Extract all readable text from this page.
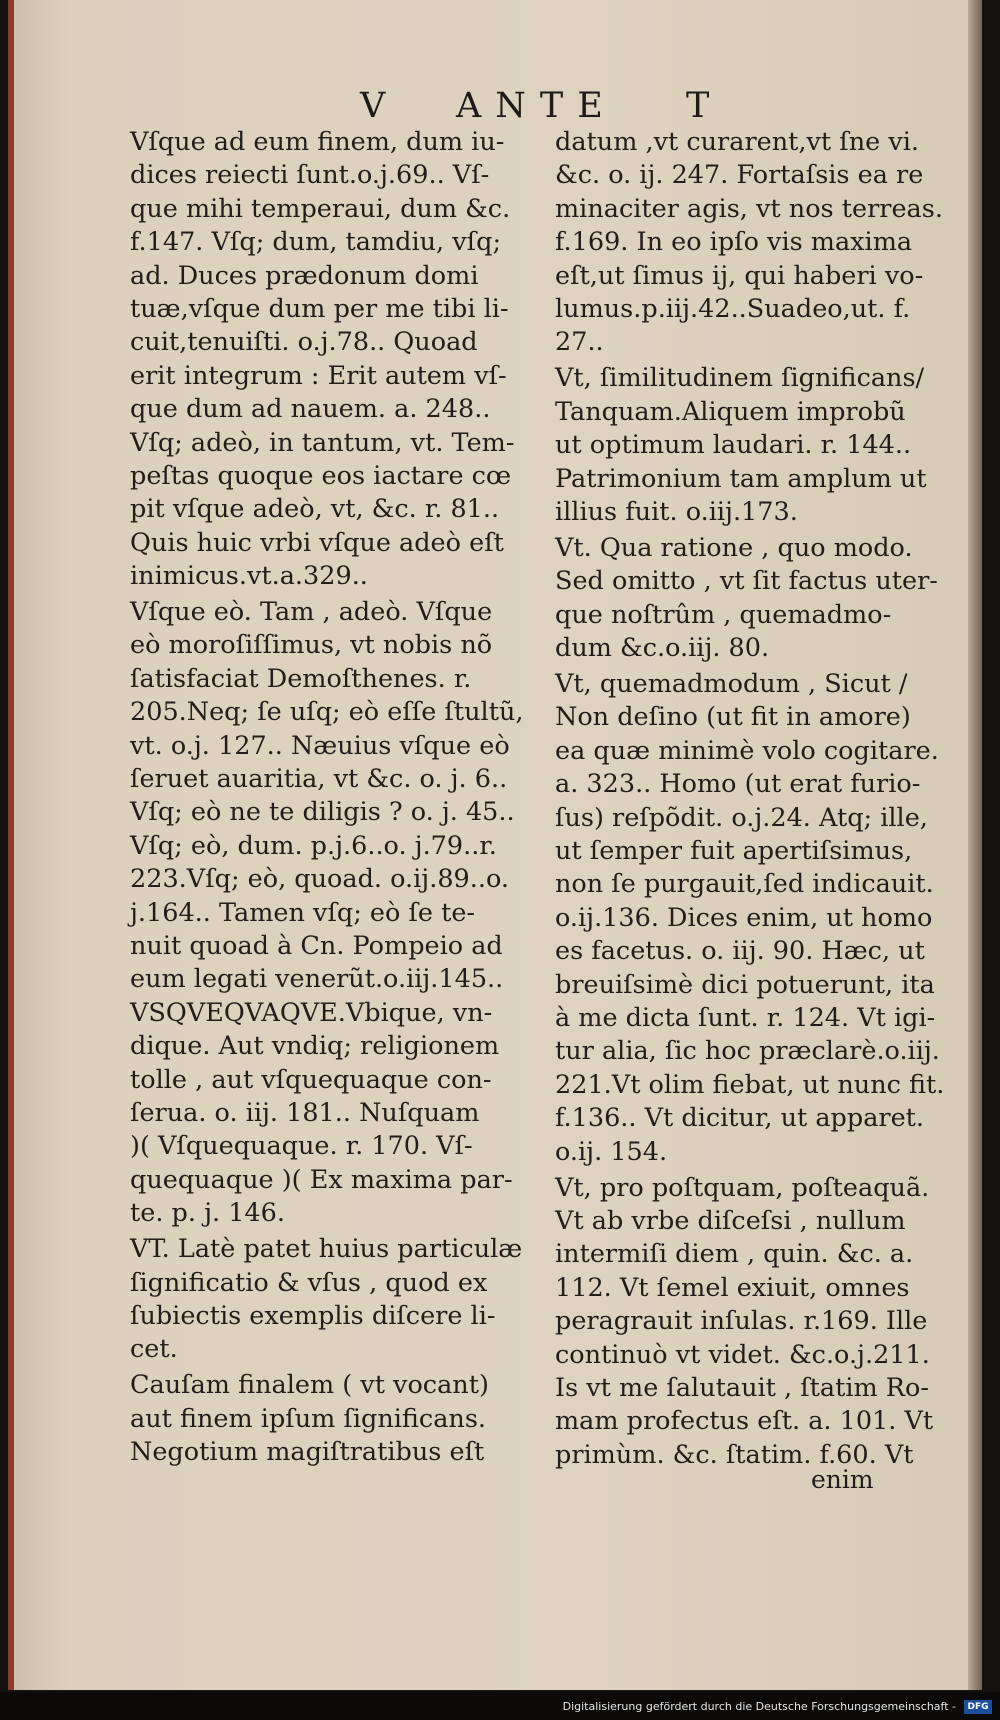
V ANTE T
Vſque ad eum finem, dum iu-
dices reiecti ſunt.o.j.69.. Vſ-
que mihi temperaui, dum &c.
f.147. Vſq; dum, tamdiu, vſq;
ad. Duces prædonum domi
tuæ,vſque dum per me tibi li-
cuit,tenuiſti. o.j.78.. Quoad
erit integrum : Erit autem vſ-
que dum ad nauem. a. 248..
Vſq; adeò, in tantum, vt. Tem-
peſtas quoque eos iactare cœ
pit vſque adeò, vt, &c. r. 81..
Quis huic vrbi vſque adeò eſt
inimicus.vt.a.329..
Vſque eò. Tam , adeò. Vſque
eò moroſiſſimus, vt nobis nõ
ſatisfaciat Demoſthenes. r.
205.Neq; ſe uſq; eò eſſe ſtultũ,
vt. o.j. 127.. Næuius vſque eò
ſeruet auaritia, vt &c. o. j. 6..
Vſq; eò ne te diligis ? o. j. 45..
Vſq; eò, dum. p.j.6..o. j.79..r.
223.Vſq; eò, quoad. o.ij.89..o.
j.164.. Tamen vſq; eò ſe te-
nuit quoad à Cn. Pompeio ad
eum legati venerũt.o.iij.145..
VSQVEQVAQVE.Vbique, vn-
dique. Aut vndiq; religionem
tolle , aut vſquequaque con-
ſerua. o. iij. 181.. Nuſquam
)( Vſquequaque. r. 170. Vſ-
quequaque )( Ex maxima par-
te. p. j. 146.
VT. Latè patet huius particulæ
ſignificatio & vſus , quod ex
ſubiectis exemplis diſcere li-
cet.
Cauſam finalem ( vt vocant)
aut finem ipſum ſignificans.
Negotium magiſtratibus eſt
datum ,vt curarent,vt ſne vi.
&c. o. ij. 247. Fortaſsis ea re
minaciter agis, vt nos terreas.
f.169. In eo ipſo vis maxima
eſt,ut ſimus ij, qui haberi vo-
lumus.p.iij.42..Suadeo,ut. f.
27..
Vt, ſimilitudinem ſignificans/
Tanquam.Aliquem improbũ
ut optimum laudari. r. 144..
Patrimonium tam amplum ut
illius fuit. o.iij.173.
Vt. Qua ratione , quo modo.
Sed omitto , vt ſit factus uter-
que noſtrûm , quemadmo-
dum &c.o.iij. 80.
Vt, quemadmodum , Sicut /
Non deſino (ut fit in amore)
ea quæ minimè volo cogitare.
a. 323.. Homo (ut erat furio-
ſus) reſpõdit. o.j.24. Atq; ille,
ut ſemper fuit apertiſsimus,
non ſe purgauit,ſed indicauit.
o.ij.136. Dices enim, ut homo
es facetus. o. iij. 90. Hæc, ut
breuiſsimè dici potuerunt, ita
à me dicta ſunt. r. 124. Vt igi-
tur alia, ſic hoc præclarè.o.iij.
221.Vt olim fiebat, ut nunc fit.
f.136.. Vt dicitur, ut apparet.
o.ij. 154.
Vt, pro poſtquam, poſteaquã.
Vt ab vrbe diſceſsi , nullum
intermiſi diem , quin. &c. a.
112. Vt ſemel exiuit, omnes
peragrauit inſulas. r.169. Ille
continuò vt videt. &c.o.j.211.
Is vt me ſalutauit , ſtatim Ro-
mam profectus eſt. a. 101. Vt
primùm. &c. ſtatim. f.60. Vt
enim
Digitalisierung gefördert durch die Deutsche Forschungsgemeinschaft -	DFG
